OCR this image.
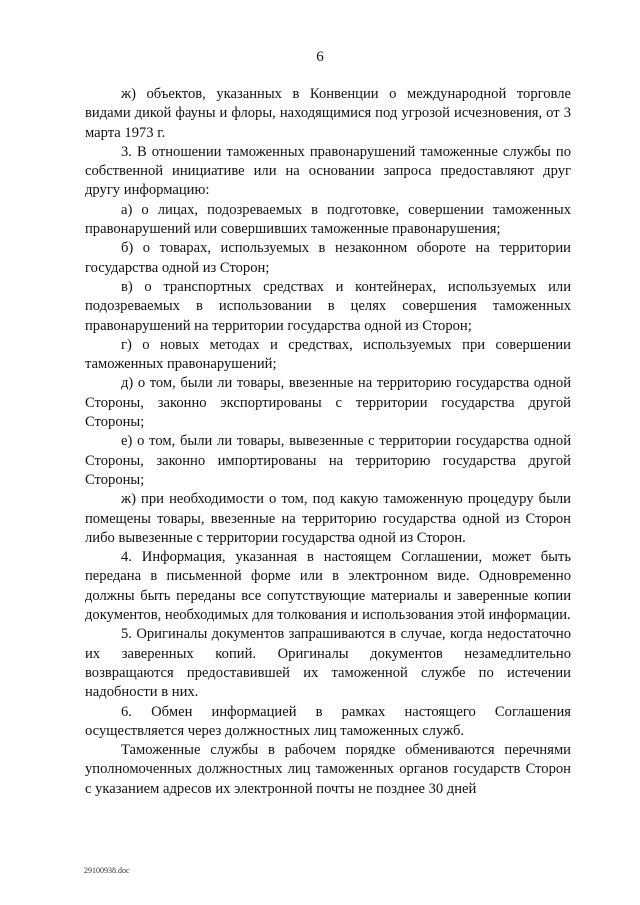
6

ж) объектов, указанных в Конвенции о международной торговле видами дикой фауны и флоры, находящимися под угрозой исчезновения, от 3 марта 1973 г.

3. В отношении таможенных правонарушений таможенные службы по собственной инициативе или на основании запроса предоставляют друг другу информацию:

а) о лицах, подозреваемых в подготовке, совершении таможенных правонарушений или совершивших таможенные правонарушения;

б) о товарах, используемых в незаконном обороте на территории государства одной из Сторон;

в) о транспортных средствах и контейнерах, используемых или подозреваемых в использовании в целях совершения таможенных правонарушений на территории государства одной из Сторон;

г) о новых методах и средствах, используемых при совершении таможенных правонарушений;

д) о том, были ли товары, ввезенные на территорию государства одной Стороны, законно экспортированы с территории государства другой Стороны;

е) о том, были ли товары, вывезенные с территории государства одной Стороны, законно импортированы на территорию государства другой Стороны;

ж) при необходимости о том, под какую таможенную процедуру были помещены товары, ввезенные на территорию государства одной из Сторон либо вывезенные с территории государства одной из Сторон.

4. Информация, указанная в настоящем Соглашении, может быть передана в письменной форме или в электронном виде. Одновременно должны быть переданы все сопутствующие материалы и заверенные копии документов, необходимых для толкования и использования этой информации.

5. Оригиналы документов запрашиваются в случае, когда недостаточно их заверенных копий. Оригиналы документов незамедлительно возвращаются предоставившей их таможенной службе по истечении надобности в них.

6. Обмен информацией в рамках настоящего Соглашения осуществляется через должностных лиц таможенных служб.

Таможенные службы в рабочем порядке обмениваются перечнями уполномоченных должностных лиц таможенных органов государств Сторон с указанием адресов их электронной почты не позднее 30 дней

29100938.doc
